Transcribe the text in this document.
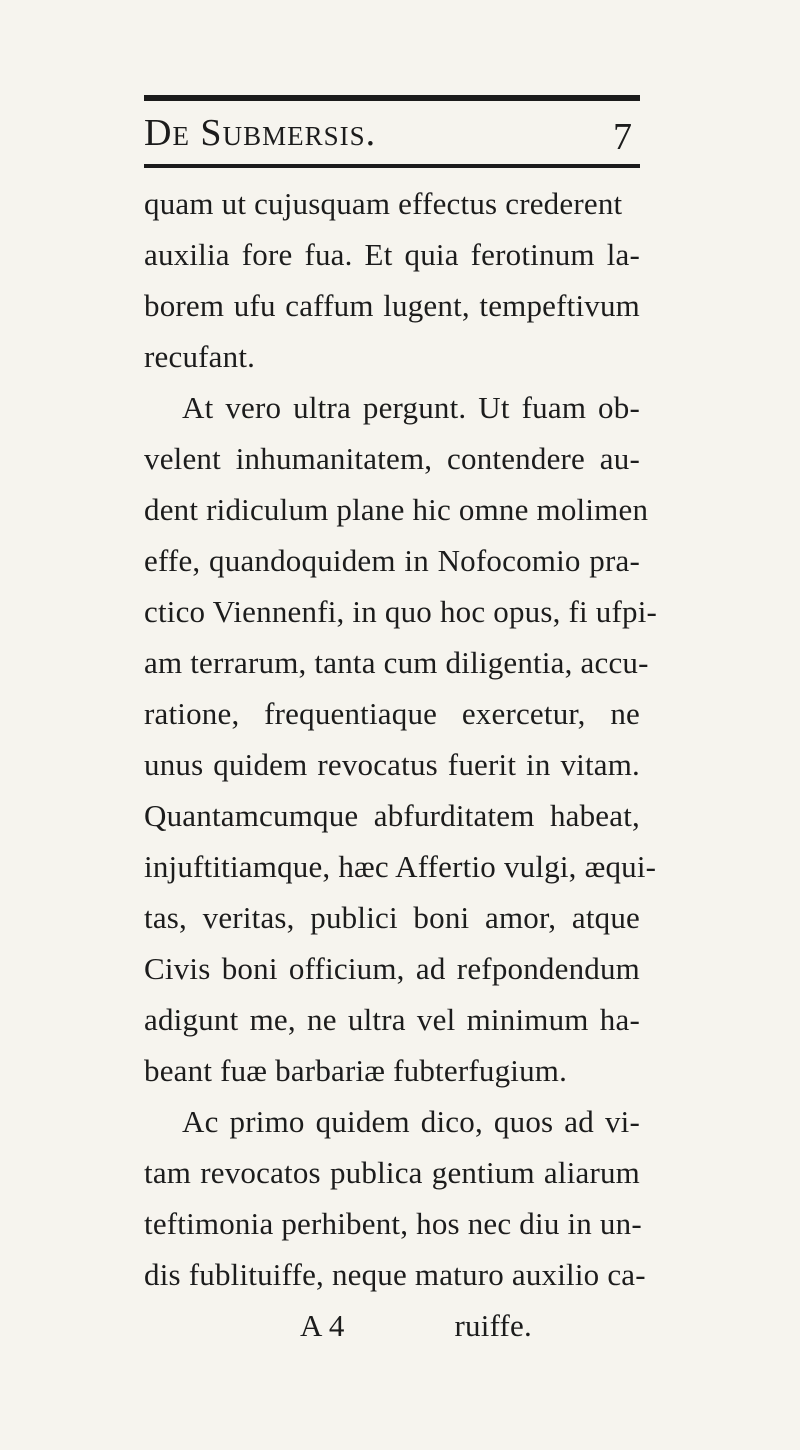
De Submersis.	7
quam ut cujusquam effectus crederent
auxilia fore fua. Et quia ferotinum la-
borem ufu caffum lugent, tempeftivum
recufant.
At vero ultra pergunt. Ut fuam ob-
velent inhumanitatem, contendere au-
dent ridiculum plane hic omne molimen
effe, quandoquidem in Nofocomio pra-
ctico Viennenfi, in quo hoc opus, fi ufpi-
am terrarum, tanta cum diligentia, accu-
ratione, frequentiaque exercetur, ne
unus quidem revocatus fuerit in vitam.
Quantamcumque abfurditatem habeat,
injuftitiamque, hæc Affertio vulgi, æqui-
tas, veritas, publici boni amor, atque
Civis boni officium, ad refpondendum
adigunt me, ne ultra vel minimum ha-
beant fuæ barbariæ fubterfugium.
Ac primo quidem dico, quos ad vi-
tam revocatos publica gentium aliarum
teftimonia perhibent, hos nec diu in un-
dis fublituiffe, neque maturo auxilio ca-
A 4	ruiffe.
